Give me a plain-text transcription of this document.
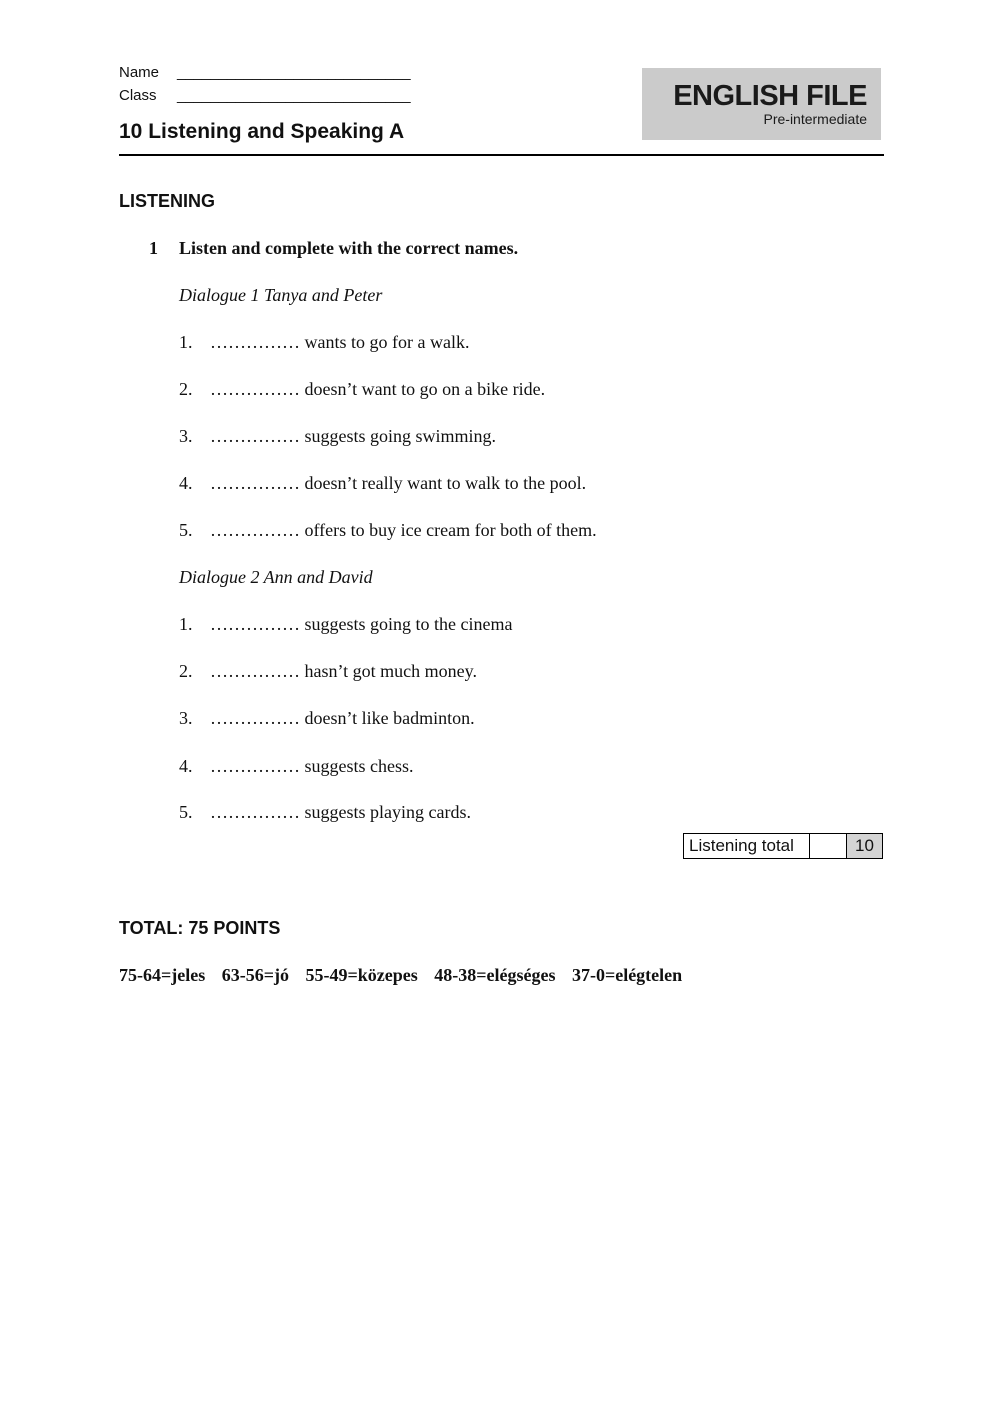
Name ____________________________
Class ____________________________
10 Listening and Speaking A
ENGLISH FILE
Pre-intermediate
LISTENING
1 Listen and complete with the correct names.
Dialogue 1 Tanya and Peter
1. …………… wants to go for a walk.
2. …………… doesn’t want to go on a bike ride.
3. …………… suggests going swimming.
4. …………… doesn’t really want to walk to the pool.
5. …………… offers to buy ice cream for both of them.
Dialogue 2 Ann and David
1. …………… suggests going to the cinema
2. …………… hasn’t got much money.
3. …………… doesn’t like badminton.
4. …………… suggests chess.
5. …………… suggests playing cards.
Listening total	10
TOTAL: 75 POINTS
75-64=jeles 63-56=jó 55-49=közepes 48-38=elégséges 37-0=elégtelen
